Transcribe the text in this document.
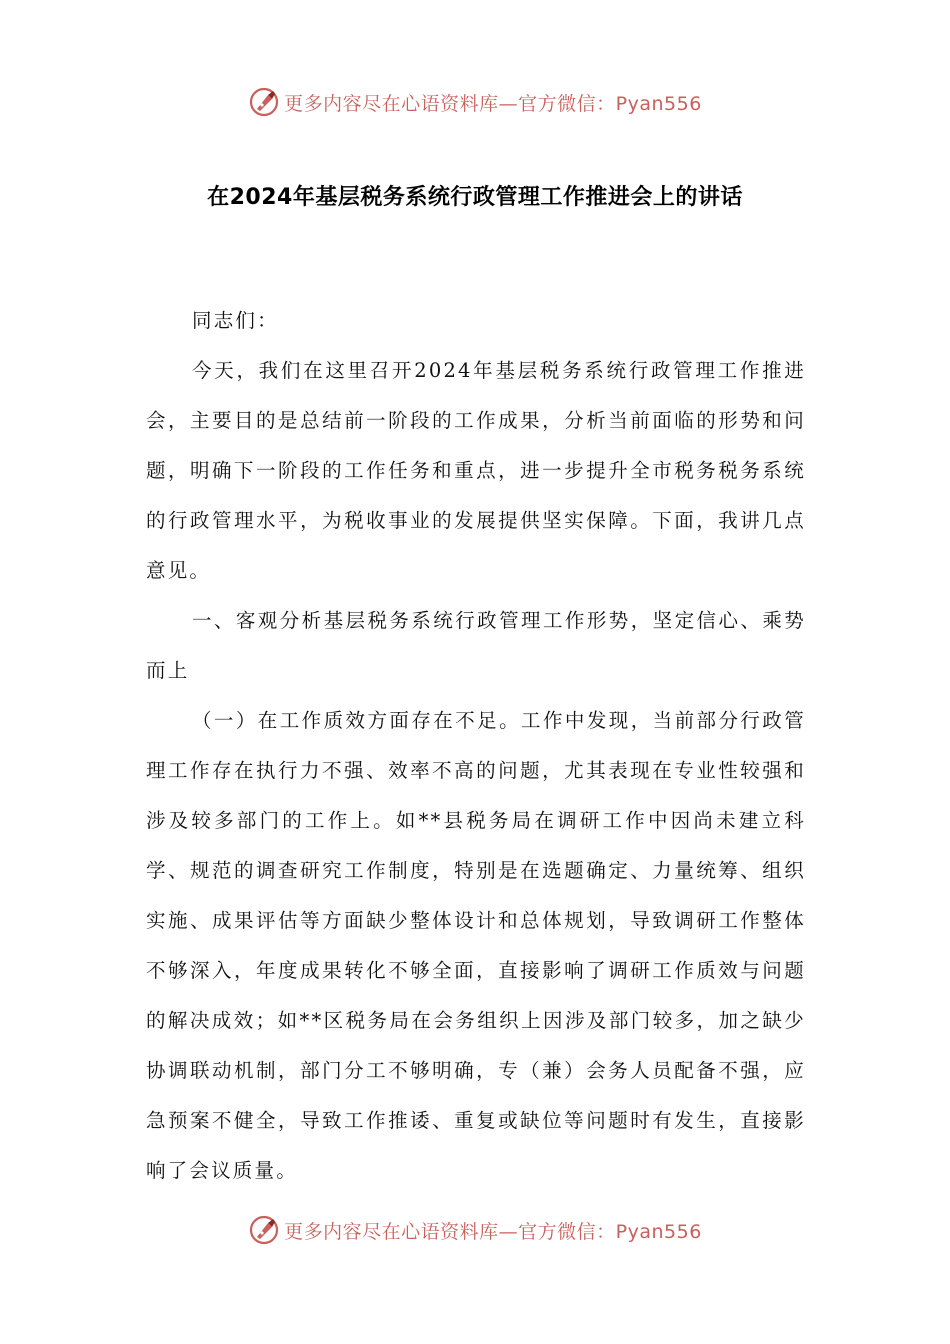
更多内容尽在心语资料库—官方微信：Pyan556
在2024年基层税务系统行政管理工作推进会上的讲话

同志们：

今天，我们在这里召开2024年基层税务系统行政管理工作推进会，主要目的是总结前一阶段的工作成果，分析当前面临的形势和问题，明确下一阶段的工作任务和重点，进一步提升全市税务税务系统的行政管理水平，为税收事业的发展提供坚实保障。下面，我讲几点意见。

一、客观分析基层税务系统行政管理工作形势，坚定信心、乘势而上

（一）在工作质效方面存在不足。工作中发现，当前部分行政管理工作存在执行力不强、效率不高的问题，尤其表现在专业性较强和涉及较多部门的工作上。如**县税务局在调研工作中因尚未建立科学、规范的调查研究工作制度，特别是在选题确定、力量统筹、组织实施、成果评估等方面缺少整体设计和总体规划，导致调研工作整体不够深入，年度成果转化不够全面，直接影响了调研工作质效与问题的解决成效；如**区税务局在会务组织上因涉及部门较多，加之缺少协调联动机制，部门分工不够明确，专（兼）会务人员配备不强，应急预案不健全，导致工作推诿、重复或缺位等问题时有发生，直接影响了会议质量。

更多内容尽在心语资料库—官方微信：Pyan556
